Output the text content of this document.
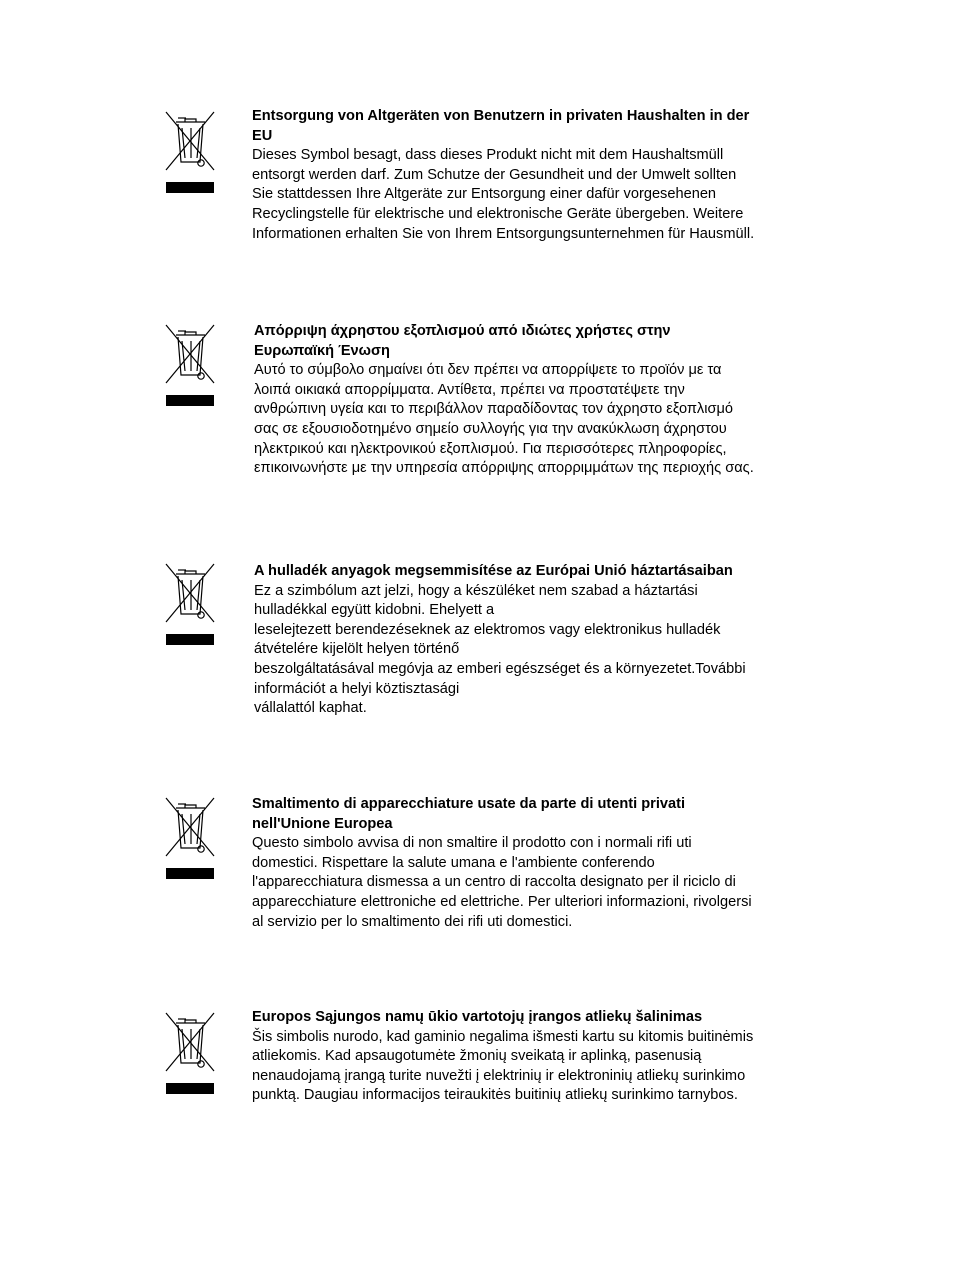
Entsorgung von Altgeräten von Benutzern in privaten Haushalten in der
EU

Dieses Symbol besagt, dass dieses Produkt nicht mit dem Haushaltsmüll
entsorgt werden darf. Zum Schutze der Gesundheit und der Umwelt sollten
Sie stattdessen Ihre Altgeräte zur Entsorgung einer dafür vorgesehenen
Recyclingstelle für elektrische und elektronische Geräte übergeben. Weitere
Informationen erhalten Sie von Ihrem Entsorgungsunternehmen für Hausmüll.

Απόρριψη άχρηστου εξοπλισμού από ιδιώτες χρήστες στην
Ευρωπαϊκή Ένωση

Αυτό το σύμβολο σημαίνει ότι δεν πρέπει να απορρίψετε το προϊόν με τα
λοιπά οικιακά απορρίμματα. Αντίθετα, πρέπει να προστατέψετε την
ανθρώπινη υγεία και το περιβάλλον παραδίδοντας τον άχρηστο εξοπλισμό
σας σε εξουσιοδοτημένο σημείο συλλογής για την ανακύκλωση άχρηστου
ηλεκτρικού και ηλεκτρονικού εξοπλισμού. Για περισσότερες πληροφορίες,
επικοινωνήστε με την υπηρεσία απόρριψης απορριμμάτων της περιοχής σας.

A hulladék anyagok megsemmisítése az Európai Unió háztartásaiban

Ez a szimbólum azt jelzi, hogy a készüléket nem szabad a háztartási
hulladékkal együtt kidobni. Ehelyett a
leselejtezett berendezéseknek az elektromos vagy elektronikus hulladék
átvételére kijelölt helyen történő
beszolgáltatásával megóvja az emberi egészséget és a környezetet.További
információt a helyi köztisztasági
vállalattól kaphat.

Smaltimento di apparecchiature usate da parte di utenti privati
nell'Unione Europea

Questo simbolo avvisa di non smaltire il prodotto con i normali rifi uti
domestici. Rispettare la salute umana e l'ambiente conferendo
l'apparecchiatura dismessa a un centro di raccolta designato per il riciclo di
apparecchiature elettroniche ed elettriche. Per ulteriori informazioni, rivolgersi
al servizio per lo smaltimento dei rifi uti domestici.

Europos Sąjungos namų ūkio vartotojų įrangos atliekų šalinimas

Šis simbolis nurodo, kad gaminio negalima išmesti kartu su kitomis buitinėmis
atliekomis. Kad apsaugotumėte žmonių sveikatą ir aplinką, pasenusią
nenaudojamą įrangą turite nuvežti į elektrinių ir elektroninių atliekų surinkimo
punktą. Daugiau informacijos teiraukitės buitinių atliekų surinkimo tarnybos.
